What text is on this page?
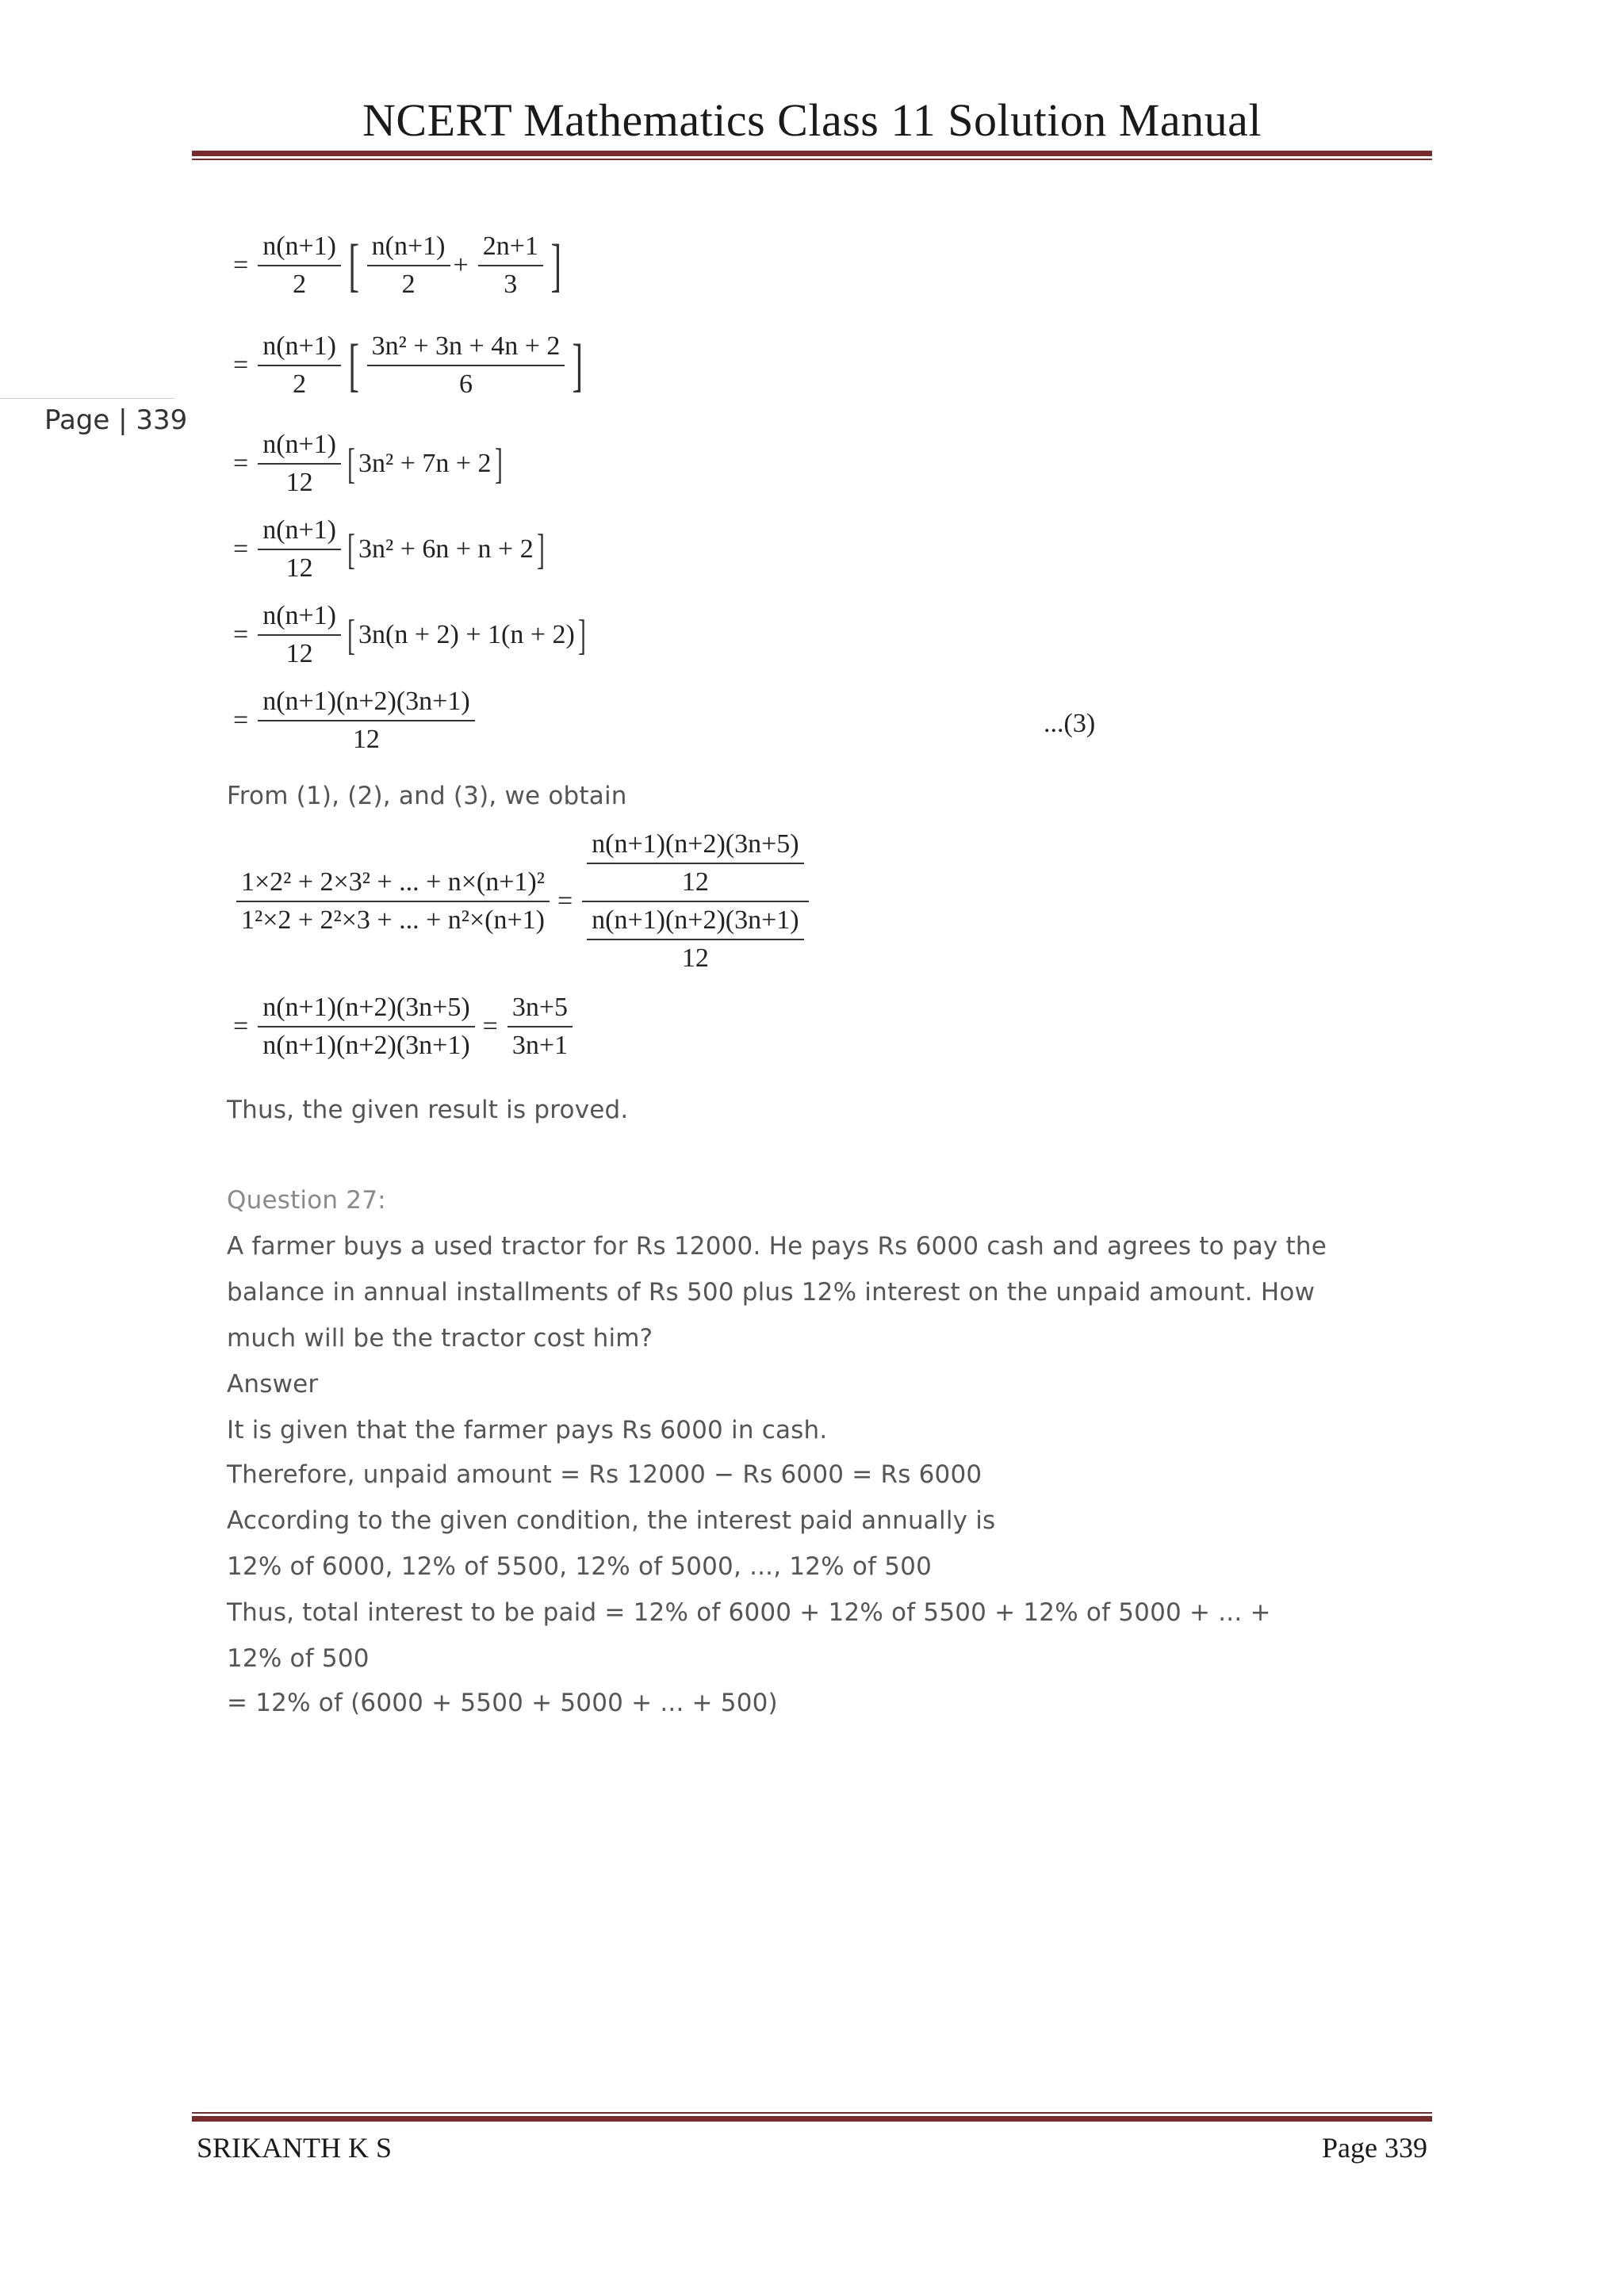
NCERT Mathematics Class 11 Solution Manual
Page | 339
= $\frac{n(n+1)}{2}$ [ $\frac{n(n+1)}{2} + \frac{2n+1}{3}$ ]
= $\frac{n(n+1)}{2}$ [ $\frac{\text{3n² + 3n + 4n + 2}}{6}$ ]
= $\frac{n(n+1)}{12}$ [ 3n² + 7n + 2 ]
= $\frac{n(n+1)}{12}$ [ 3n² + 6n + n + 2 ]
= $\frac{n(n+1)}{12}$ [ 3n(n + 2) + 1(n + 2) ]
= $\frac{n(n+1)(n+2)(3n+1)}{12}$	...(3)
From (1), (2), and (3), we obtain
$\frac{\text{1×2² + 2×3² + ... + n×(n+1)²}}{\text{1²×2 + 2²×3 + ... + n²×(n+1)}} = \frac{\frac{n(n+1)(n+2)(3n+5)}{12}}{\frac{n(n+1)(n+2)(3n+1)}{12}}$
= $\frac{n(n+1)(n+2)(3n+5)}{n(n+1)(n+2)(3n+1)} = \frac{3n+5}{3n+1}$
Thus, the given result is proved.
Question 27:
A farmer buys a used tractor for Rs 12000. He pays Rs 6000 cash and agrees to pay the
balance in annual installments of Rs 500 plus 12% interest on the unpaid amount. How
much will be the tractor cost him?
Answer
It is given that the farmer pays Rs 6000 in cash.
Therefore, unpaid amount = Rs 12000 − Rs 6000 = Rs 6000
According to the given condition, the interest paid annually is
12% of 6000, 12% of 5500, 12% of 5000, ..., 12% of 500
Thus, total interest to be paid = 12% of 6000 + 12% of 5500 + 12% of 5000 + ... +
12% of 500
= 12% of (6000 + 5500 + 5000 + ... + 500)
SRIKANTH K S	Page 339
